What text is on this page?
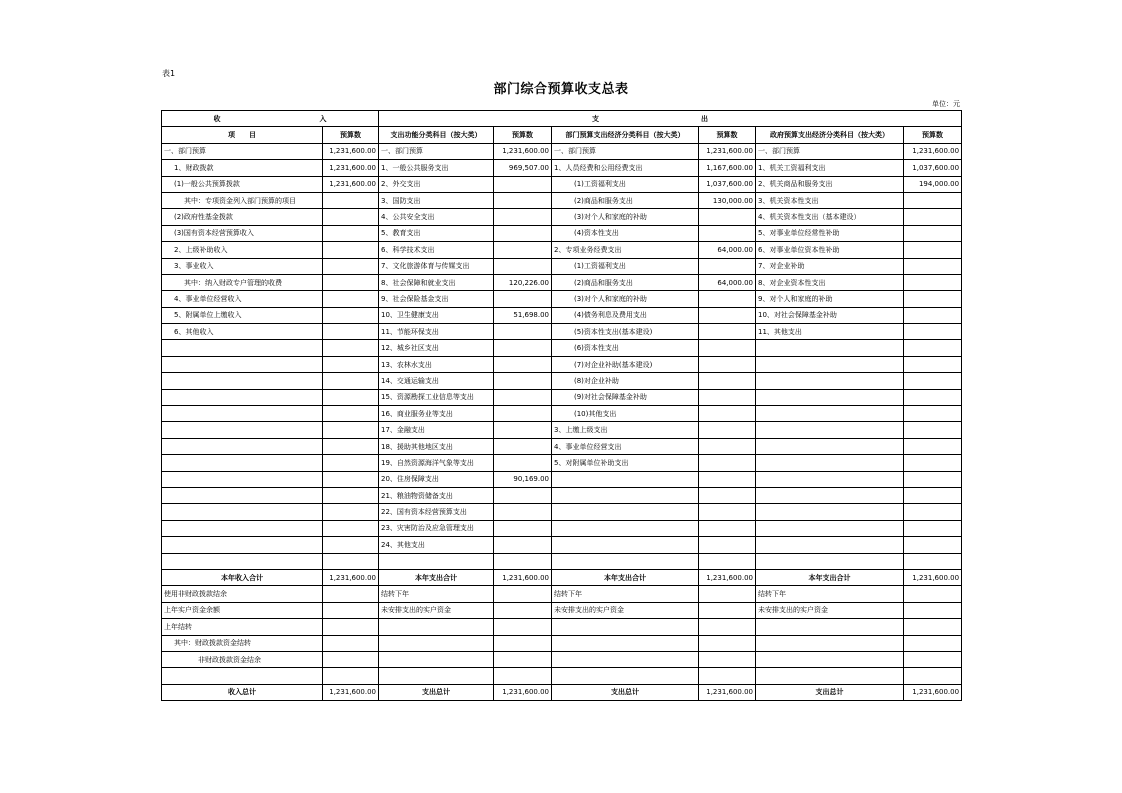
表1
部门综合预算收支总表
单位：元
收 入		支 出					

项　　目	预算数	支出功能分类科目（按大类）	预算数	部门预算支出经济分类科目（按大类）	预算数	政府预算支出经济分类科目（按大类）	预算数
一、部门预算	1,231,600.00	一、部门预算	1,231,600.00	一、部门预算	1,231,600.00	一、部门预算	1,231,600.00
1、财政拨款	1,231,600.00	1、一般公共服务支出	969,507.00	1、人员经费和公用经费支出	1,167,600.00	1、机关工资福利支出	1,037,600.00
(1)一般公共预算拨款	1,231,600.00	2、外交支出		(1)工资福利支出	1,037,600.00	2、机关商品和服务支出	194,000.00
其中：专项资金列入部门预算的项目		3、国防支出		(2)商品和服务支出	130,000.00	3、机关资本性支出	
(2)政府性基金拨款		4、公共安全支出		(3)对个人和家庭的补助		4、机关资本性支出（基本建设）	
(3)国有资本经营预算收入		5、教育支出		(4)资本性支出		5、对事业单位经常性补助	
2、上级补助收入		6、科学技术支出		2、专项业务经费支出	64,000.00	6、对事业单位资本性补助	
3、事业收入		7、文化旅游体育与传媒支出		(1)工资福利支出		7、对企业补助	
其中：纳入财政专户管理的收费		8、社会保障和就业支出	120,226.00	(2)商品和服务支出	64,000.00	8、对企业资本性支出	
4、事业单位经营收入		9、社会保险基金支出		(3)对个人和家庭的补助		9、对个人和家庭的补助	
5、附属单位上缴收入		10、卫生健康支出	51,698.00	(4)债务利息及费用支出		10、对社会保障基金补助	
6、其他收入		11、节能环保支出		(5)资本性支出(基本建设)		11、其他支出	
		12、城乡社区支出		(6)资本性支出			
		13、农林水支出		(7)对企业补助(基本建设)			
		14、交通运输支出		(8)对企业补助			
		15、资源勘探工业信息等支出		(9)对社会保障基金补助			
		16、商业服务业等支出		(10)其他支出			
		17、金融支出		3、上缴上级支出			
		18、援助其他地区支出		4、事业单位经营支出			
		19、自然资源海洋气象等支出		5、对附属单位补助支出			
		20、住房保障支出	90,169.00				
		21、粮油物资储备支出					
		22、国有资本经营预算支出					
		23、灾害防治及应急管理支出					
		24、其他支出					

本年收入合计	1,231,600.00	本年支出合计	1,231,600.00	本年支出合计	1,231,600.00	本年支出合计	1,231,600.00
使用非财政拨款结余		结转下年		结转下年		结转下年	
上年实户资金余额		未安排支出的实户资金		未安排支出的实户资金		未安排支出的实户资金	
上年结转							
其中：财政拨款资金结转							
非财政拨款资金结余							

收入总计	1,231,600.00	支出总计	1,231,600.00	支出总计	1,231,600.00	支出总计	1,231,600.00
